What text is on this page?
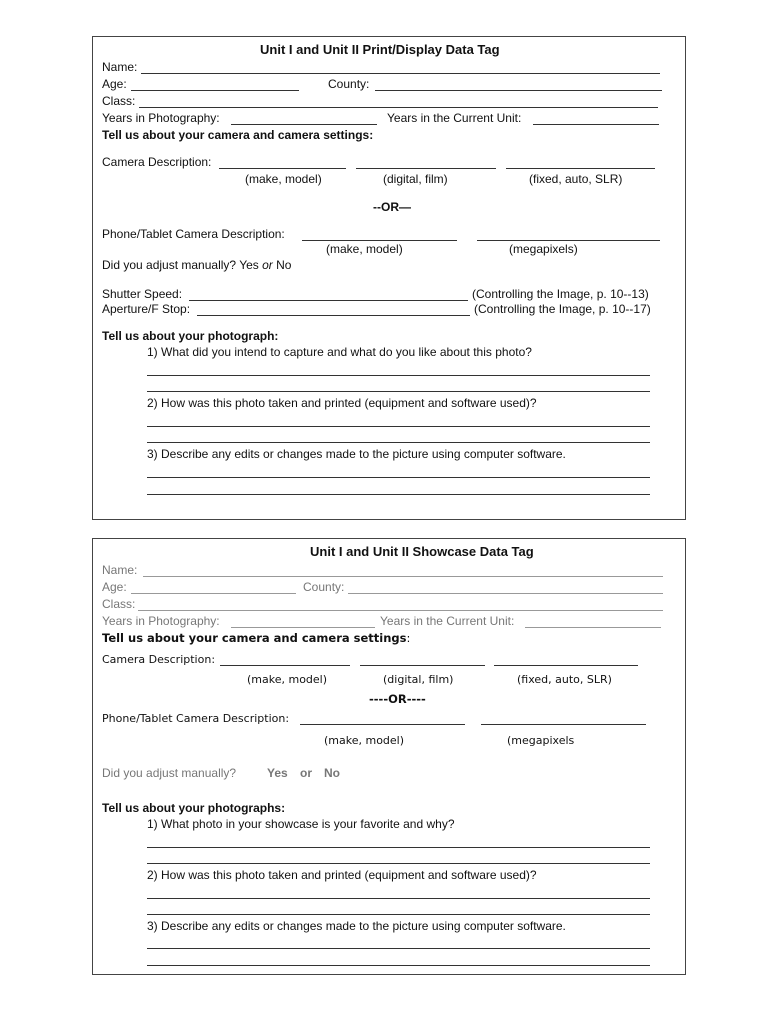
Unit I and Unit II Print/Display Data Tag
Name:
Age:	County:
Class:
Years in Photography:	Years in the Current Unit:
Tell us about your camera and camera settings:
Camera Description:
(make, model)	(digital, film)	(fixed, auto, SLR)
--OR—
Phone/Tablet Camera Description:
(make, model)	(megapixels)
Did you adjust manually? Yes or No
Shutter Speed:	(Controlling the Image, p. 10--13)
Aperture/F Stop:	(Controlling the Image, p. 10--17)
Tell us about your photograph:
1) What did you intend to capture and what do you like about this photo?
2) How was this photo taken and printed (equipment and software used)?
3) Describe any edits or changes made to the picture using computer software.
Unit I and Unit II Showcase Data Tag
Name:
Age:	County:
Class:
Years in Photography:	Years in the Current Unit:
Tell us about your camera and camera settings:
Camera Description:
(make, model)	(digital, film)	(fixed, auto, SLR)
----OR----
Phone/Tablet Camera Description:
(make, model)	(megapixels
Did you adjust manually?	Yes or No
Tell us about your photographs:
1) What photo in your showcase is your favorite and why?
2) How was this photo taken and printed (equipment and software used)?
3) Describe any edits or changes made to the picture using computer software.
